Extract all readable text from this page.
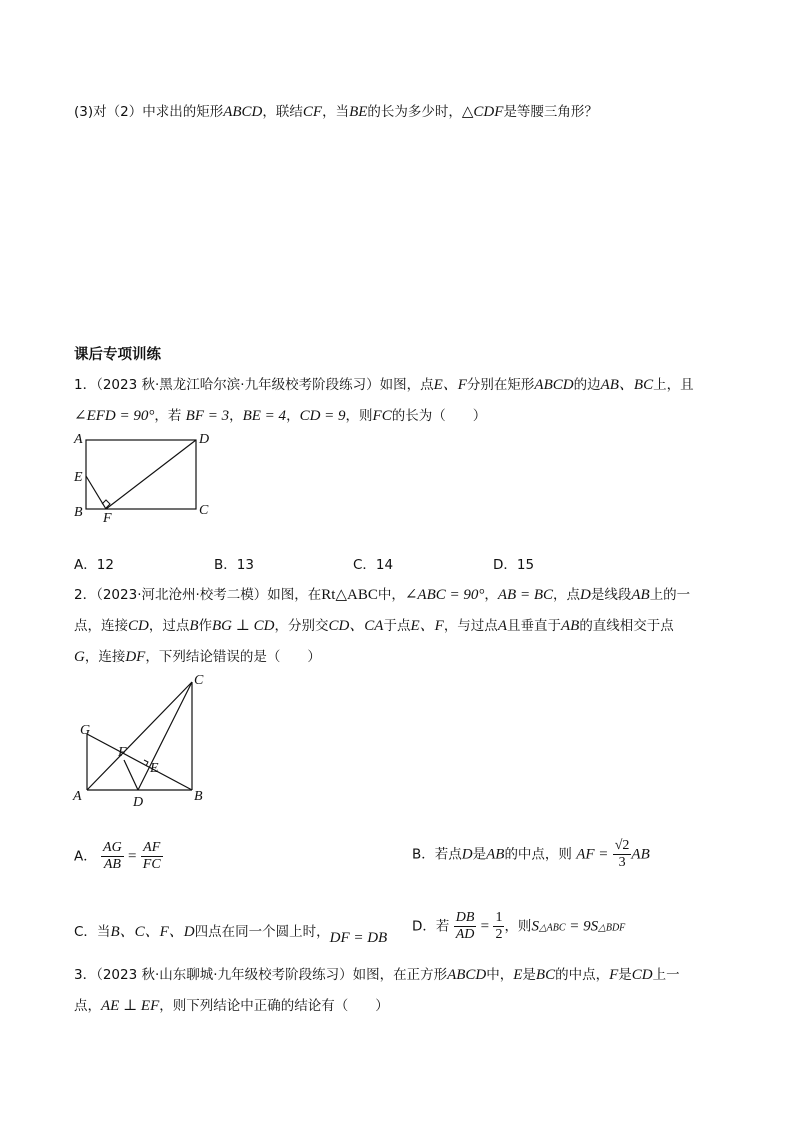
(3)对（2）中求出的矩形ABCD，联结CF，当BE的长为多少时，△CDF是等腰三角形？
课后专项训练
1．（2023 秋·黑龙江哈尔滨·九年级校考阶段练习）如图，点E、F分别在矩形ABCD的边AB、BC上，且
∠EFD = 90°，若 BF = 3，BE = 4，CD = 9，则FC的长为（　　）
A	D
E
B F
C
A．12	B．13	C．14	D．15
2．（2023·河北沧州·校考二模）如图，在Rt△ABC中，∠ABC = 90°，AB = BC，点D是线段AB上的一
点，连接CD，过点B作BG ⊥ CD，分别交CD、CA于点E、F，与过点A且垂直于AB的直线相交于点
G，连接DF，下列结论错误的是（　　）
C
G
F
E
A	D	B
A． $\frac{AG}{AB} = \frac{AF}{FC}$	B．若点D是AB的中点，则 AF = $\frac{√2}{3}$ AB
C．当B、C、F、D四点在同一个圆上时，DF = DB
D．若 $\frac{DB}{AD} = \frac{1}{2}$ ，则S△ABC = 9S△BDF
3．（2023 秋·山东聊城·九年级校考阶段练习）如图，在正方形ABCD中，E是BC的中点，F是CD上一
点，AE ⊥ EF，则下列结论中正确的结论有（　　）
